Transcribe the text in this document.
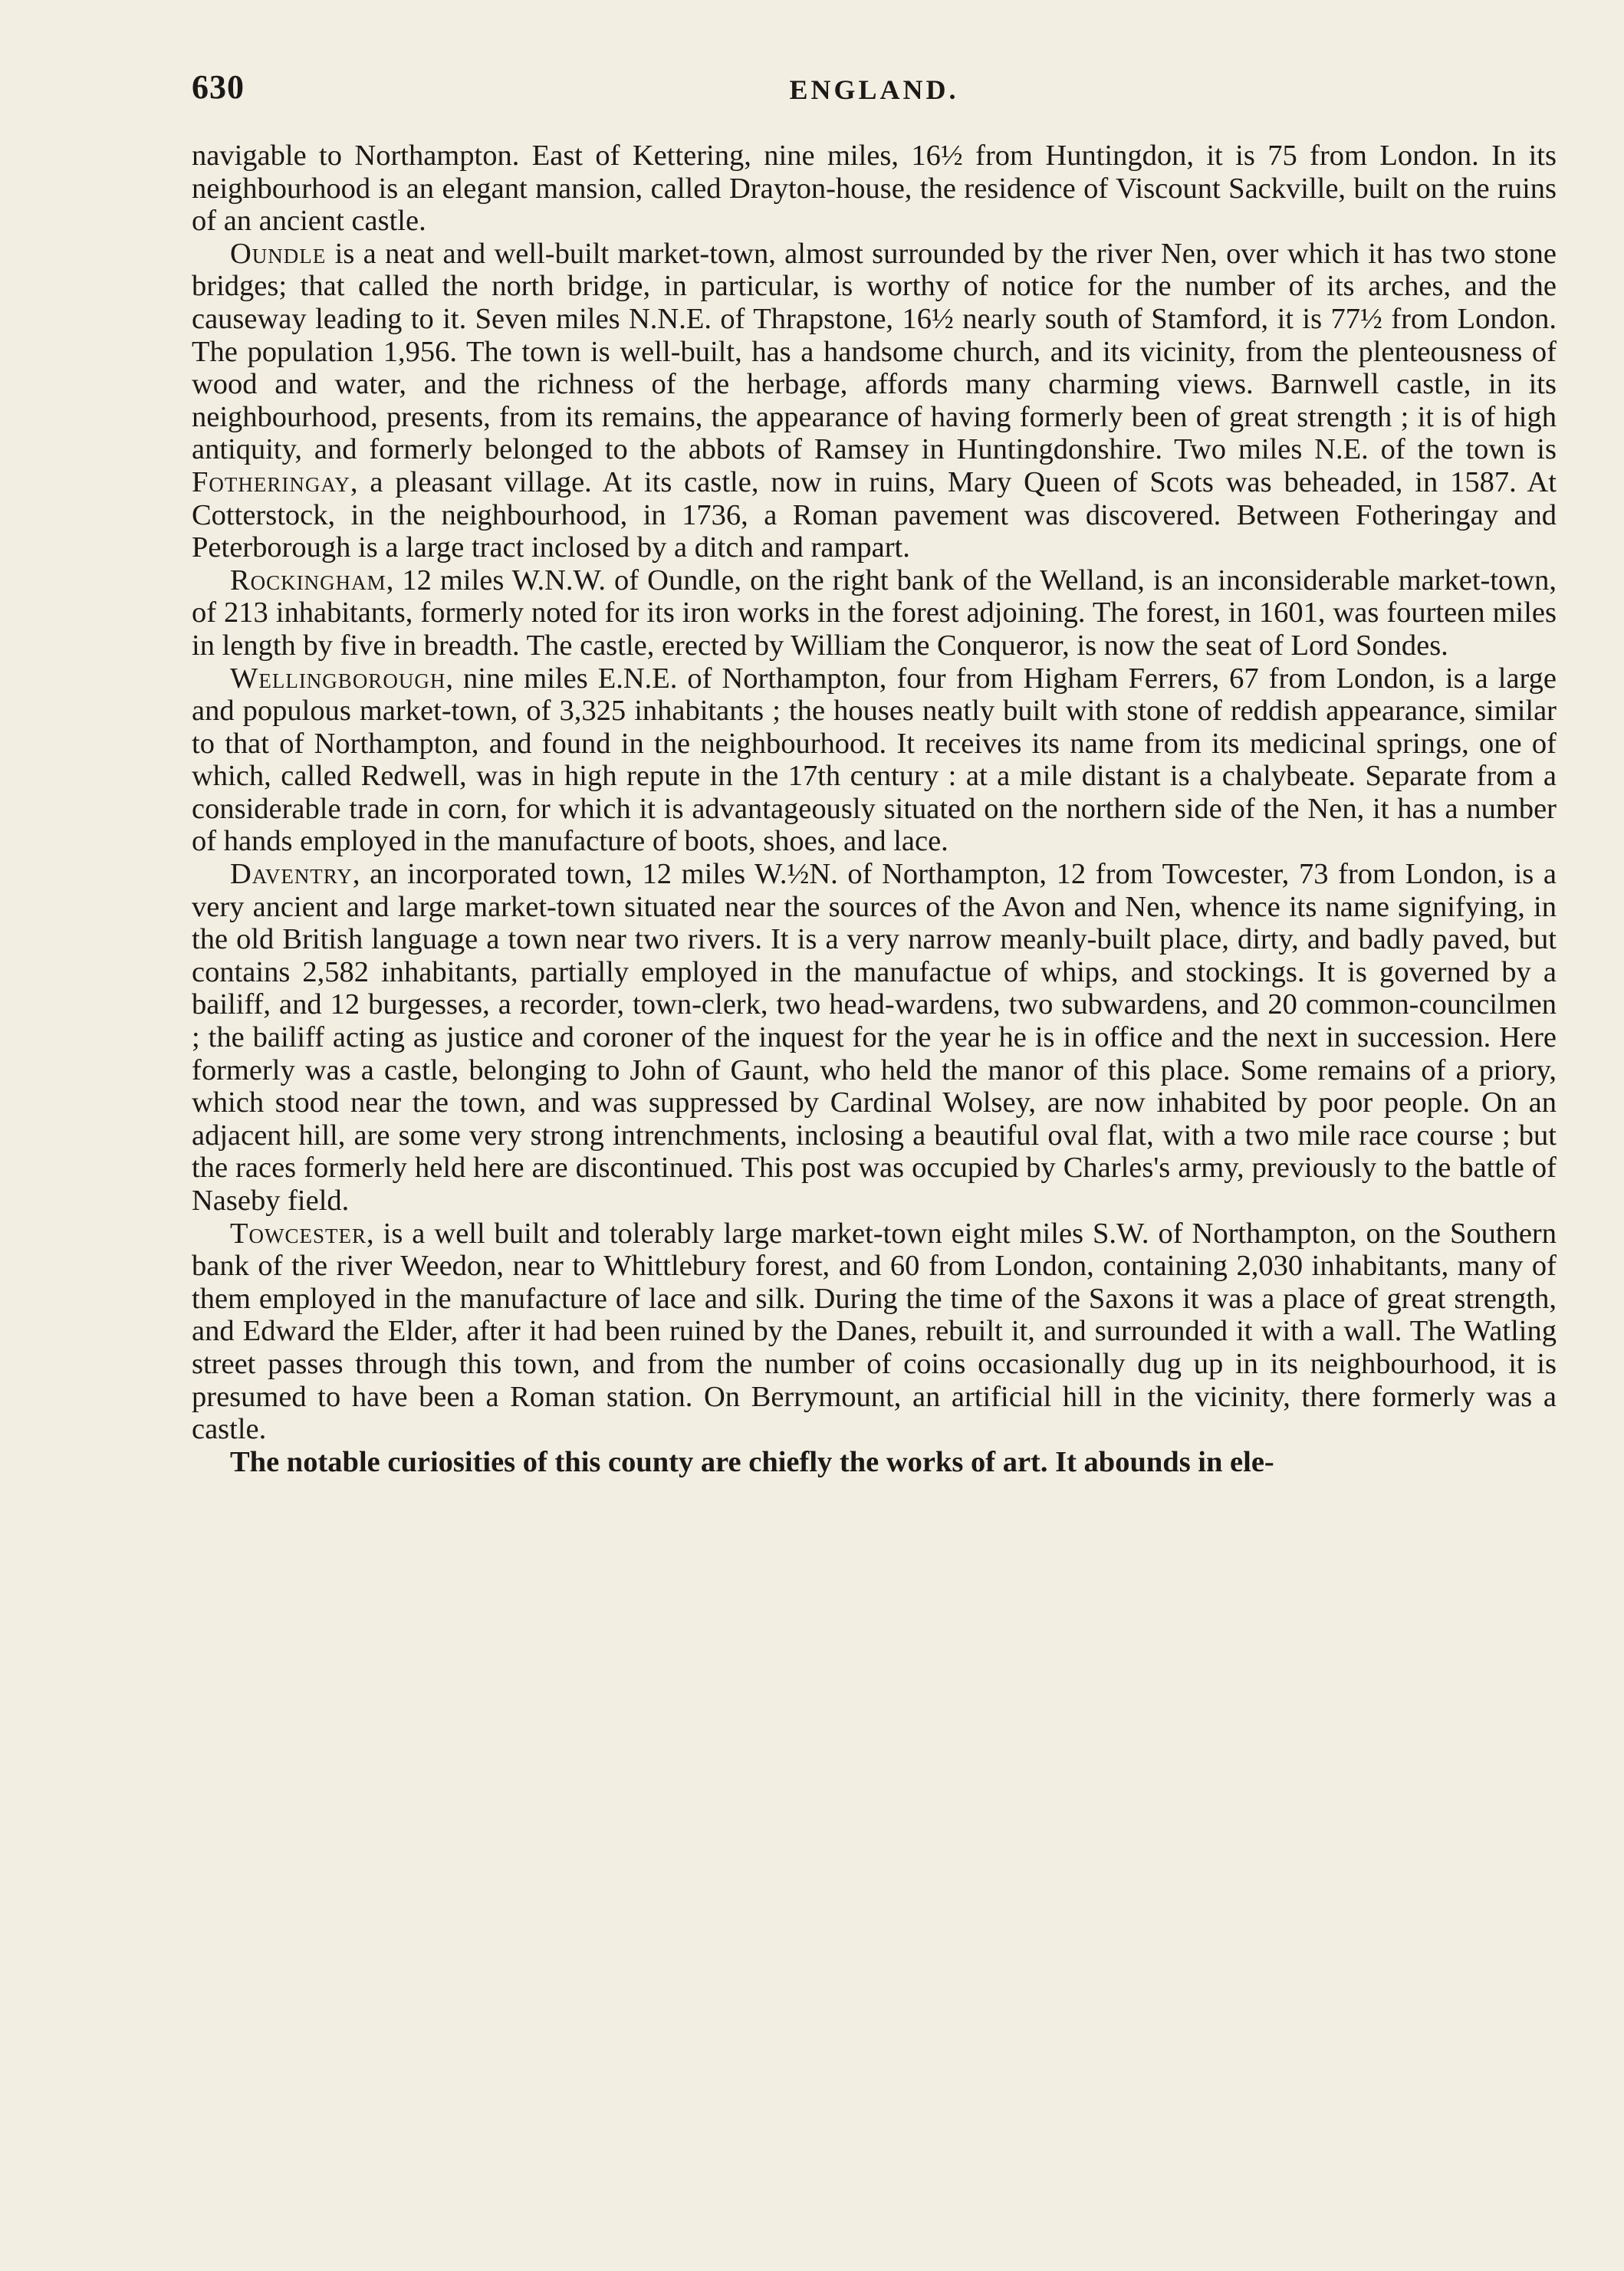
630	ENGLAND.

navigable to Northampton. East of Kettering, nine miles, 16½ from Huntingdon, it is 75 from London. In its neighbourhood is an elegant mansion, called Drayton-house, the residence of Viscount Sackville, built on the ruins of an ancient castle.

Oundle is a neat and well-built market-town, almost surrounded by the river Nen, over which it has two stone bridges; that called the north bridge, in particular, is worthy of notice for the number of its arches, and the causeway leading to it. Seven miles N.N.E. of Thrapstone, 16½ nearly south of Stamford, it is 77½ from London. The population 1,956. The town is well-built, has a handsome church, and its vicinity, from the plenteousness of wood and water, and the richness of the herbage, affords many charming views. Barnwell castle, in its neighbourhood, presents, from its remains, the appearance of having formerly been of great strength ; it is of high antiquity, and formerly belonged to the abbots of Ramsey in Huntingdonshire. Two miles N.E. of the town is Fotheringay, a pleasant village. At its castle, now in ruins, Mary Queen of Scots was beheaded, in 1587. At Cotterstock, in the neighbourhood, in 1736, a Roman pavement was discovered. Between Fotheringay and Peterborough is a large tract inclosed by a ditch and rampart.

Rockingham, 12 miles W.N.W. of Oundle, on the right bank of the Welland, is an inconsiderable market-town, of 213 inhabitants, formerly noted for its iron works in the forest adjoining. The forest, in 1601, was fourteen miles in length by five in breadth. The castle, erected by William the Conqueror, is now the seat of Lord Sondes.

Wellingborough, nine miles E.N.E. of Northampton, four from Higham Ferrers, 67 from London, is a large and populous market-town, of 3,325 inhabitants ; the houses neatly built with stone of reddish appearance, similar to that of Northampton, and found in the neighbourhood. It receives its name from its medicinal springs, one of which, called Redwell, was in high repute in the 17th century : at a mile distant is a chalybeate. Separate from a considerable trade in corn, for which it is advantageously situated on the northern side of the Nen, it has a number of hands employed in the manufacture of boots, shoes, and lace.

Daventry, an incorporated town, 12 miles W.½N. of Northampton, 12 from Towcester, 73 from London, is a very ancient and large market-town situated near the sources of the Avon and Nen, whence its name signifying, in the old British language a town near two rivers. It is a very narrow meanly-built place, dirty, and badly paved, but contains 2,582 inhabitants, partially employed in the manufactue of whips, and stockings. It is governed by a bailiff, and 12 burgesses, a recorder, town-clerk, two head-wardens, two subwardens, and 20 common-councilmen ; the bailiff acting as justice and coroner of the inquest for the year he is in office and the next in succession. Here formerly was a castle, belonging to John of Gaunt, who held the manor of this place. Some remains of a priory, which stood near the town, and was suppressed by Cardinal Wolsey, are now inhabited by poor people. On an adjacent hill, are some very strong intrenchments, inclosing a beautiful oval flat, with a two mile race course ; but the races formerly held here are discontinued. This post was occupied by Charles's army, previously to the battle of Naseby field.

Towcester, is a well built and tolerably large market-town eight miles S.W. of Northampton, on the Southern bank of the river Weedon, near to Whittlebury forest, and 60 from London, containing 2,030 inhabitants, many of them employed in the manufacture of lace and silk. During the time of the Saxons it was a place of great strength, and Edward the Elder, after it had been ruined by the Danes, rebuilt it, and surrounded it with a wall. The Watling street passes through this town, and from the number of coins occasionally dug up in its neighbourhood, it is presumed to have been a Roman station. On Berrymount, an artificial hill in the vicinity, there formerly was a castle.

The notable curiosities of this county are chiefly the works of art. It abounds in ele-
